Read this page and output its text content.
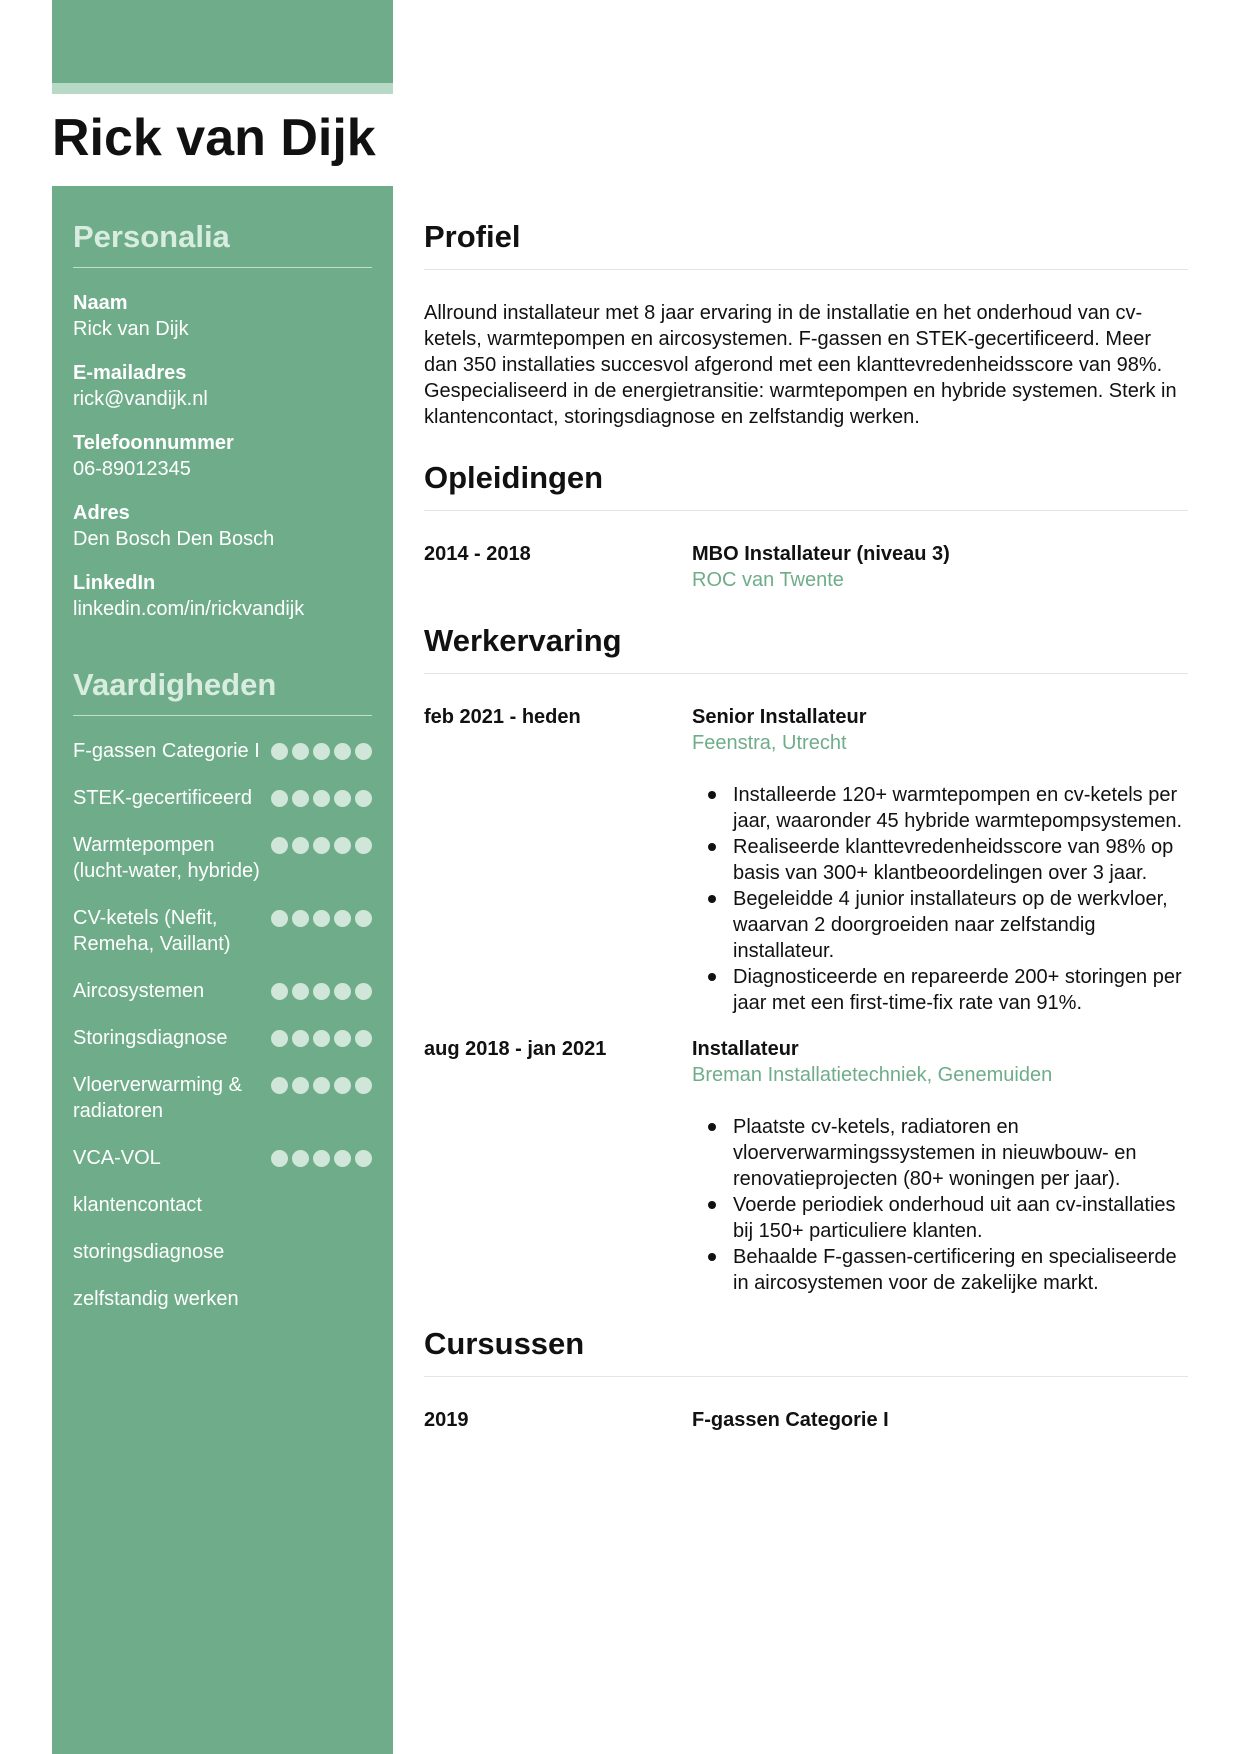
Rick van Dijk
Personalia
Naam
Rick van Dijk
E-mailadres
rick@vandijk.nl
Telefoonnummer
06-89012345
Adres
Den Bosch Den Bosch
LinkedIn
linkedin.com/in/rickvandijk
Vaardigheden
F-gassen Categorie I
STEK-gecertificeerd
Warmtepompen (lucht-water, hybride)
CV-ketels (Nefit, Remeha, Vaillant)
Aircosystemen
Storingsdiagnose
Vloerverwarming & radiatoren
VCA-VOL
klantencontact
storingsdiagnose
zelfstandig werken
Profiel

Allround installateur met 8 jaar ervaring in de installatie en het onderhoud van cv-ketels, warmtepompen en aircosystemen. F-gassen en STEK-gecertificeerd. Meer dan 350 installaties succesvol afgerond met een klanttevredenheidsscore van 98%. Gespecialiseerd in de energietransitie: warmtepompen en hybride systemen. Sterk in klantencontact, storingsdiagnose en zelfstandig werken.

Opleidingen
2014 - 2018	MBO Installateur (niveau 3)
ROC van Twente
Werkervaring
feb 2021 - heden	Senior Installateur
Feenstra, Utrecht
Installeerde 120+ warmtepompen en cv-ketels per jaar, waaronder 45 hybride warmtepompsystemen.
Realiseerde klanttevredenheidsscore van 98% op basis van 300+ klantbeoordelingen over 3 jaar.
Begeleidde 4 junior installateurs op de werkvloer, waarvan 2 doorgroeiden naar zelfstandig installateur.
Diagnosticeerde en repareerde 200+ storingen per jaar met een first-time-fix rate van 91%.
aug 2018 - jan 2021	Installateur
Breman Installatietechniek, Genemuiden
Plaatste cv-ketels, radiatoren en vloerverwarmingssystemen in nieuwbouw- en renovatieprojecten (80+ woningen per jaar).
Voerde periodiek onderhoud uit aan cv-installaties bij 150+ particuliere klanten.
Behaalde F-gassen-certificering en specialiseerde in aircosystemen voor de zakelijke markt.
Cursussen
2019	F-gassen Categorie I
